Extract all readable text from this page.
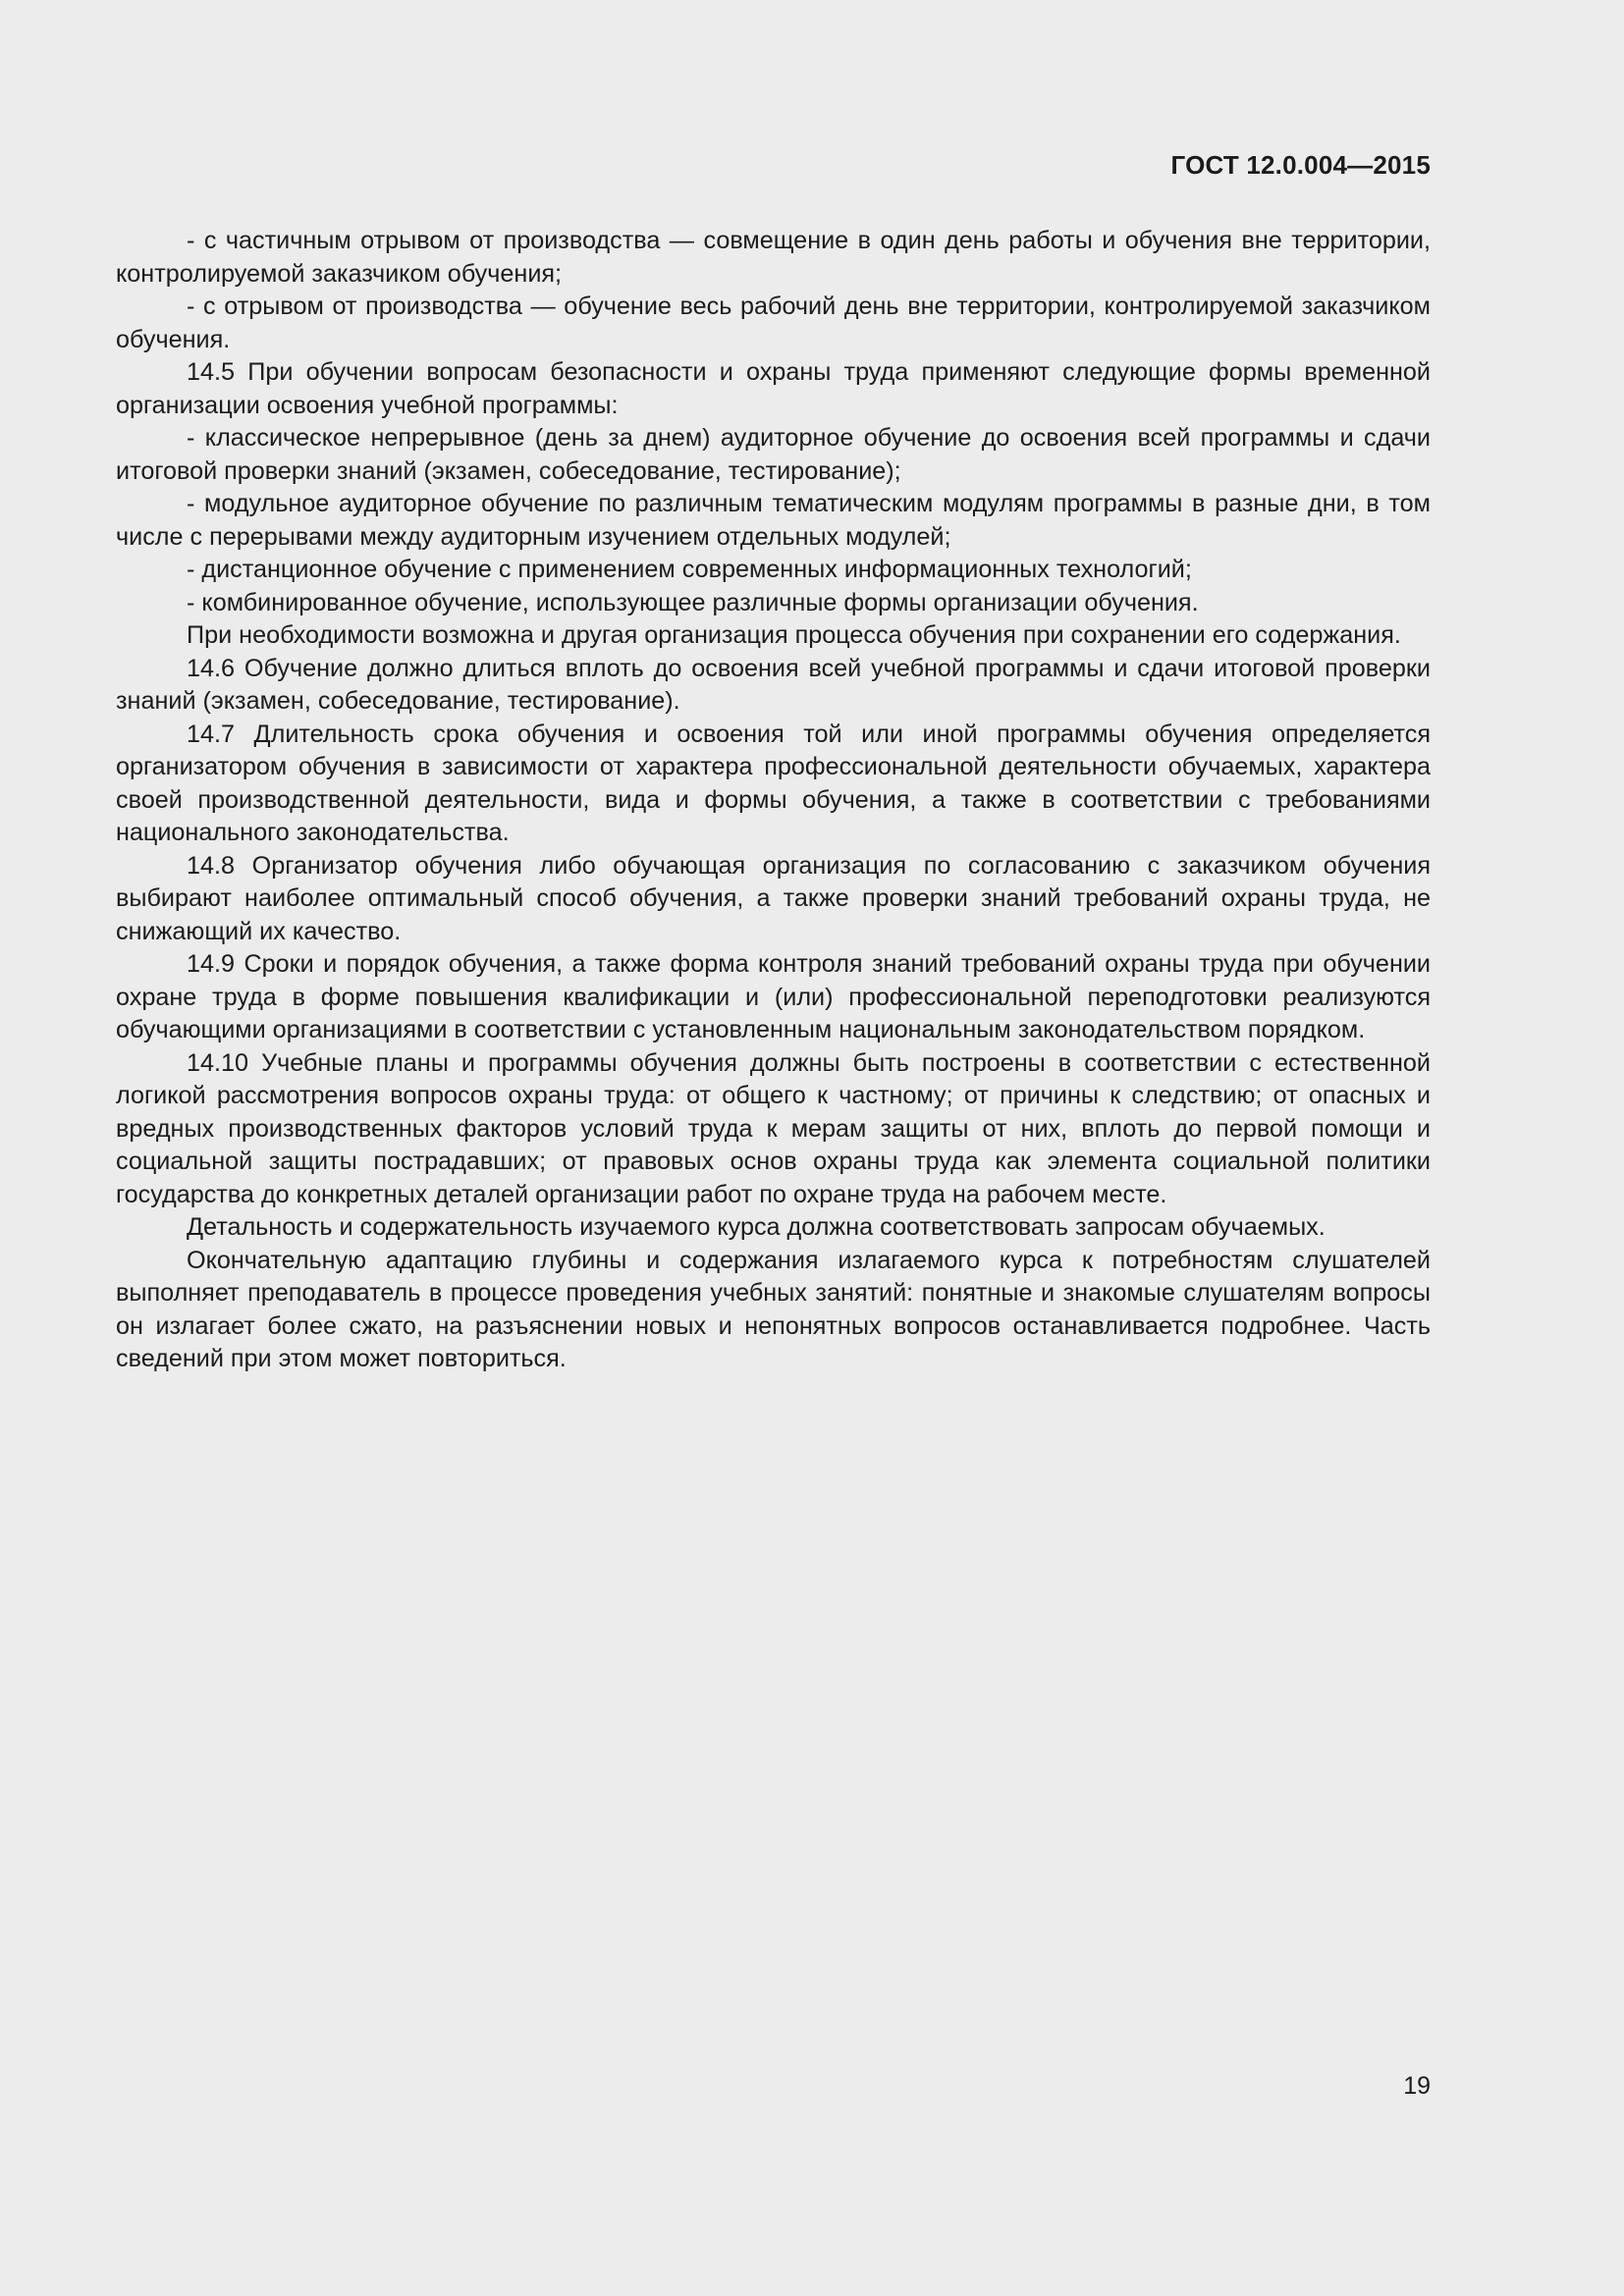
ГОСТ 12.0.004—2015

- с частичным отрывом от производства — совмещение в один день работы и обучения вне территории, контролируемой заказчиком обучения;

- с отрывом от производства — обучение весь рабочий день вне территории, контролируемой заказчиком обучения.

14.5 При обучении вопросам безопасности и охраны труда применяют следующие формы временной организации освоения учебной программы:

- классическое непрерывное (день за днем) аудиторное обучение до освоения всей программы и сдачи итоговой проверки знаний (экзамен, собеседование, тестирование);

- модульное аудиторное обучение по различным тематическим модулям программы в разные дни, в том числе с перерывами между аудиторным изучением отдельных модулей;

- дистанционное обучение с применением современных информационных технологий;

- комбинированное обучение, использующее различные формы организации обучения.

При необходимости возможна и другая организация процесса обучения при сохранении его содержания.

14.6 Обучение должно длиться вплоть до освоения всей учебной программы и сдачи итоговой проверки знаний (экзамен, собеседование, тестирование).

14.7 Длительность срока обучения и освоения той или иной программы обучения определяется организатором обучения в зависимости от характера профессиональной деятельности обучаемых, характера своей производственной деятельности, вида и формы обучения, а также в соответствии с требованиями национального законодательства.

14.8 Организатор обучения либо обучающая организация по согласованию с заказчиком обучения выбирают наиболее оптимальный способ обучения, а также проверки знаний требований охраны труда, не снижающий их качество.

14.9 Сроки и порядок обучения, а также форма контроля знаний требований охраны труда при обучении охране труда в форме повышения квалификации и (или) профессиональной переподготовки реализуются обучающими организациями в соответствии с установленным национальным законодательством порядком.

14.10 Учебные планы и программы обучения должны быть построены в соответствии с естественной логикой рассмотрения вопросов охраны труда: от общего к частному; от причины к следствию; от опасных и вредных производственных факторов условий труда к мерам защиты от них, вплоть до первой помощи и социальной защиты пострадавших; от правовых основ охраны труда как элемента социальной политики государства до конкретных деталей организации работ по охране труда на рабочем месте.

Детальность и содержательность изучаемого курса должна соответствовать запросам обучаемых.

Окончательную адаптацию глубины и содержания излагаемого курса к потребностям слушателей выполняет преподаватель в процессе проведения учебных занятий: понятные и знакомые слушателям вопросы он излагает более сжато, на разъяснении новых и непонятных вопросов останавливается подробнее. Часть сведений при этом может повториться.

19
